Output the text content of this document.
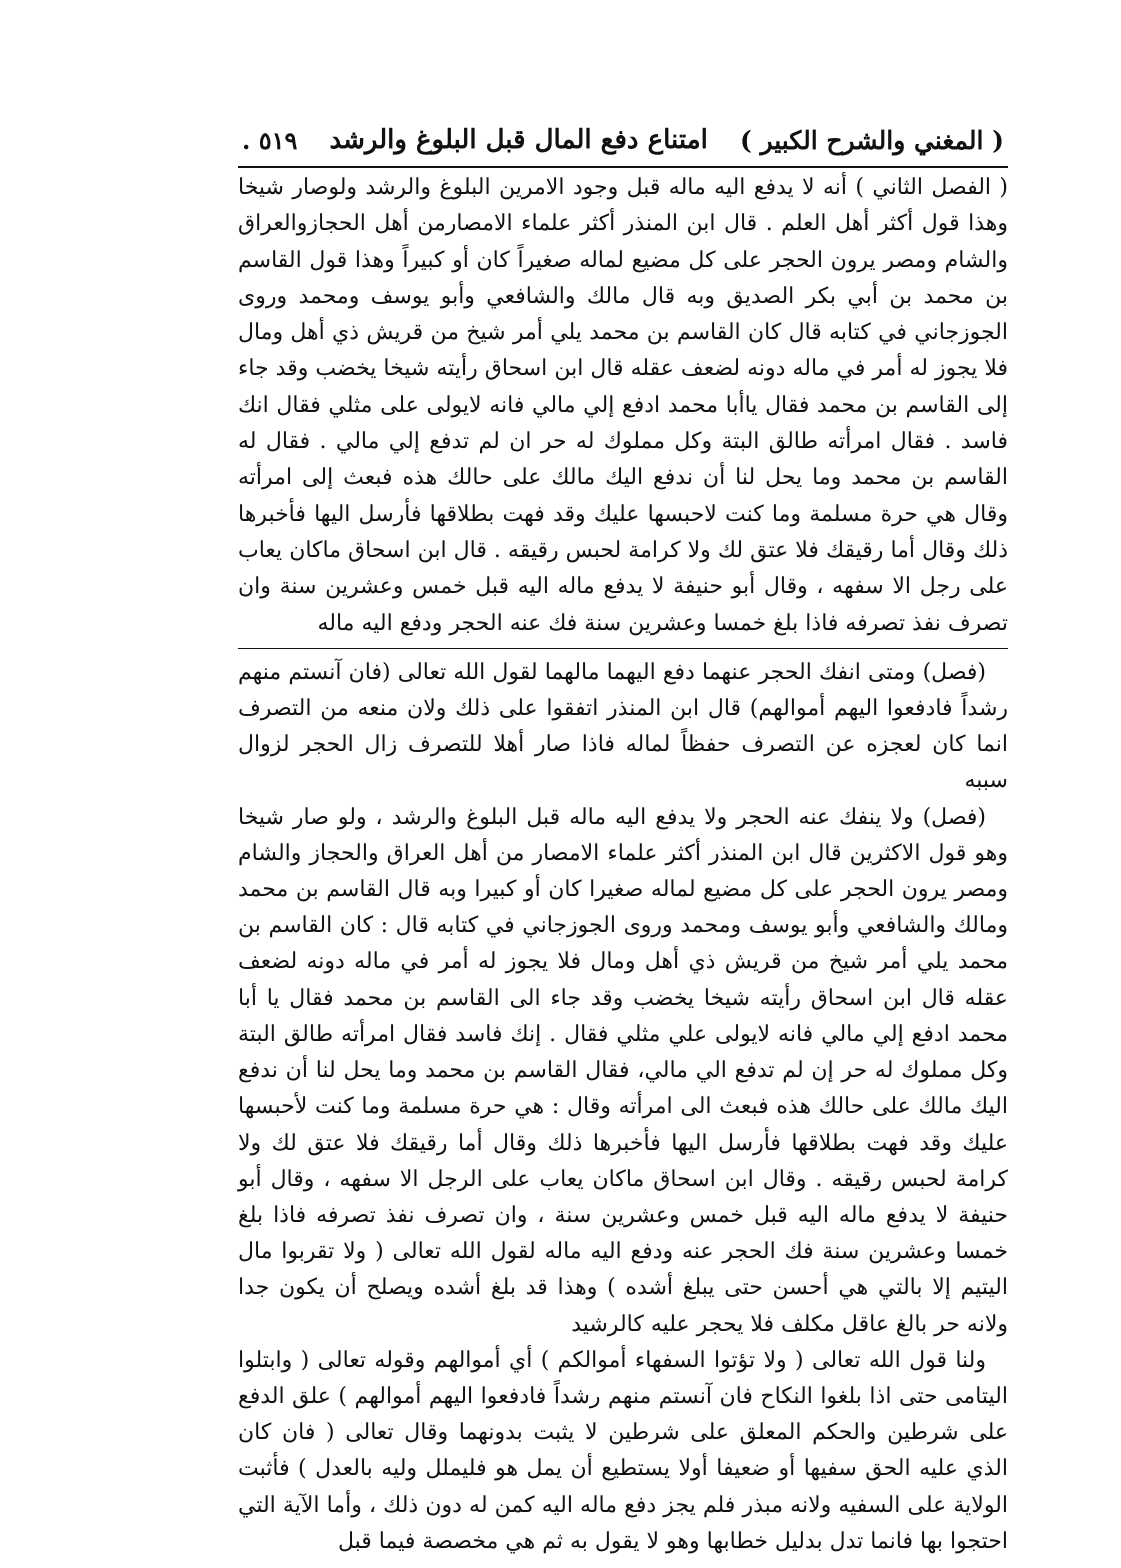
( المغني والشرح الكبير )
امتناع دفع المال قبل البلوغ والرشد
٥١٩ .

( الفصل الثاني ) أنه لا يدفع اليه ماله قبل وجود الامرين البلوغ والرشد ولوصار شيخا وهذا قول أكثر أهل العلم . قال ابن المنذر أكثر علماء الامصارمن أهل الحجازوالعراق والشام ومصر يرون الحجر على كل مضيع لماله صغيراً كان أو كبيراً وهذا قول القاسم بن محمد بن أبي بكر الصديق وبه قال مالك والشافعي وأبو يوسف ومحمد وروى الجوزجاني في كتابه قال كان القاسم بن محمد يلي أمر شيخ من قريش ذي أهل ومال فلا يجوز له أمر في ماله دونه لضعف عقله قال ابن اسحاق رأيته شيخا يخضب وقد جاء إلى القاسم بن محمد فقال ياأبا محمد ادفع إلي مالي فانه لايولى على مثلي فقال انك فاسد . فقال امرأته طالق البتة وكل مملوك له حر ان لم تدفع إلي مالي . فقال له القاسم بن محمد وما يحل لنا أن ندفع اليك مالك على حالك هذه فبعث إلى امرأته وقال هي حرة مسلمة وما كنت لاحبسها عليك وقد فهت بطلاقها فأرسل اليها فأخبرها ذلك وقال أما رقيقك فلا عتق لك ولا كرامة لحبس رقيقه . قال ابن اسحاق ماكان يعاب على رجل الا سفهه ، وقال أبو حنيفة لا يدفع ماله اليه قبل خمس وعشرين سنة وان تصرف نفذ تصرفه فاذا بلغ خمسا وعشرين سنة فك عنه الحجر ودفع اليه ماله

(فصل) ومتى انفك الحجر عنهما دفع اليهما مالهما لقول الله تعالى (فان آنستم منهم رشداً فادفعوا اليهم أموالهم) قال ابن المنذر اتفقوا على ذلك ولان منعه من التصرف انما كان لعجزه عن التصرف حفظاً لماله فاذا صار أهلا للتصرف زال الحجر لزوال سببه

(فصل) ولا ينفك عنه الحجر ولا يدفع اليه ماله قبل البلوغ والرشد ، ولو صار شيخا وهو قول الاكثرين قال ابن المنذر أكثر علماء الامصار من أهل العراق والحجاز والشام ومصر يرون الحجر على كل مضيع لماله صغيرا كان أو كبيرا وبه قال القاسم بن محمد ومالك والشافعي وأبو يوسف ومحمد وروى الجوزجاني في كتابه قال : كان القاسم بن محمد يلي أمر شيخ من قريش ذي أهل ومال فلا يجوز له أمر في ماله دونه لضعف عقله قال ابن اسحاق رأيته شيخا يخضب وقد جاء الى القاسم بن محمد فقال يا أبا محمد ادفع إلي مالي فانه لايولى علي مثلي فقال . إنك فاسد فقال امرأته طالق البتة وكل مملوك له حر إن لم تدفع الي مالي، فقال القاسم بن محمد وما يحل لنا أن ندفع اليك مالك على حالك هذه فبعث الى امرأته وقال : هي حرة مسلمة وما كنت لأحبسها عليك وقد فهت بطلاقها فأرسل اليها فأخبرها ذلك وقال أما رقيقك فلا عتق لك ولا كرامة لحبس رقيقه . وقال ابن اسحاق ماكان يعاب على الرجل الا سفهه ، وقال أبو حنيفة لا يدفع ماله اليه قبل خمس وعشرين سنة ، وان تصرف نفذ تصرفه فاذا بلغ خمسا وعشرين سنة فك الحجر عنه ودفع اليه ماله لقول الله تعالى ( ولا تقربوا مال اليتيم إلا بالتي هي أحسن حتى يبلغ أشده ) وهذا قد بلغ أشده ويصلح أن يكون جدا ولانه حر بالغ عاقل مكلف فلا يحجر عليه كالرشيد

ولنا قول الله تعالى ( ولا تؤتوا السفهاء أموالكم ) أي أموالهم وقوله تعالى ( وابتلوا اليتامى حتى اذا بلغوا النكاح فان آنستم منهم رشداً فادفعوا اليهم أموالهم ) علق الدفع على شرطين والحكم المعلق على شرطين لا يثبت بدونهما وقال تعالى ( فان كان الذي عليه الحق سفيها أو ضعيفا أولا يستطيع أن يمل هو فليملل وليه بالعدل ) فأثبت الولاية على السفيه ولانه مبذر فلم يجز دفع ماله اليه كمن له دون ذلك ، وأما الآية التي احتجوا بها فانما تدل بدليل خطابها وهو لا يقول به ثم هي مخصصة فيما قبل
